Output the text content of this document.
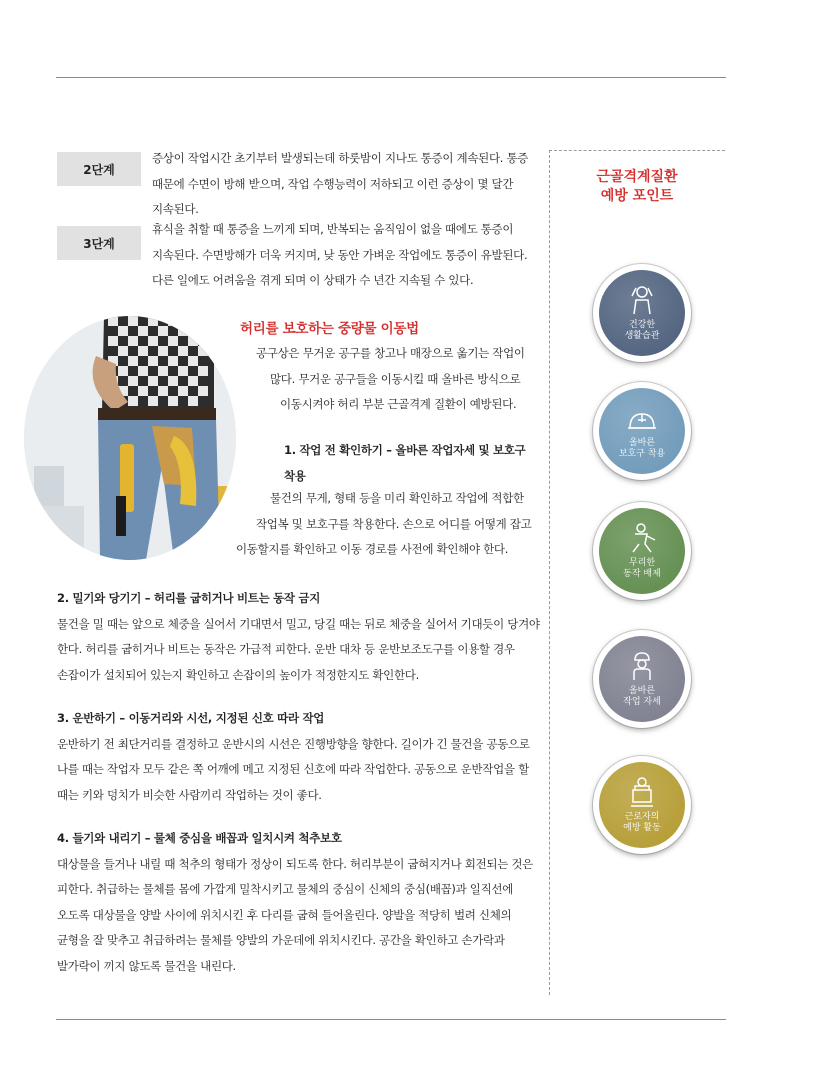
2단계
증상이 작업시간 초기부터 발생되는데 하룻밤이 지나도 통증이 계속된다. 통증
때문에 수면이 방해 받으며, 작업 수행능력이 저하되고 이런 증상이 몇 달간
지속된다.
3단계
휴식을 취할 때 통증을 느끼게 되며, 반복되는 움직임이 없을 때에도 통증이
지속된다. 수면방해가 더욱 커지며, 낮 동안 가벼운 작업에도 통증이 유발된다.
다른 일에도 어려움을 겪게 되며 이 상태가 수 년간 지속될 수 있다.
허리를 보호하는 중량물 이동법

공구상은 무거운 공구를 창고나 매장으로 옮기는 작업이

많다. 무거운 공구들을 이동시킬 때 올바른 방식으로

이동시켜야 허리 부분 근골격계 질환이 예방된다.

1. 작업 전 확인하기 – 올바른 작업자세 및 보호구

착용

물건의 무게, 형태 등을 미리 확인하고 작업에 적합한

작업복 및 보호구를 착용한다. 손으로 어디를 어떻게 잡고

이동할지를 확인하고 이동 경로를 사전에 확인해야 한다.

2. 밀기와 당기기 – 허리를 굽히거나 비트는 동작 금지

물건을 밀 때는 앞으로 체중을 실어서 기대면서 밀고, 당길 때는 뒤로 체중을 실어서 기대듯이 당겨야

한다. 허리를 굽히거나 비트는 동작은 가급적 피한다. 운반 대차 등 운반보조도구를 이용할 경우

손잡이가 설치되어 있는지 확인하고 손잡이의 높이가 적정한지도 확인한다.

3. 운반하기 – 이동거리와 시선, 지정된 신호 따라 작업

운반하기 전 최단거리를 결정하고 운반시의 시선은 진행방향을 향한다. 길이가 긴 물건을 공동으로

나를 때는 작업자 모두 같은 쪽 어깨에 메고 지정된 신호에 따라 작업한다. 공동으로 운반작업을 할

때는 키와 덩치가 비슷한 사람끼리 작업하는 것이 좋다.

4. 들기와 내리기 – 물체 중심을 배꼽과 일치시켜 척추보호

대상물을 들거나 내릴 때 척추의 형태가 정상이 되도록 한다. 허리부분이 굽혀지거나 회전되는 것은

피한다. 취급하는 물체를 몸에 가깝게 밀착시키고 물체의 중심이 신체의 중심(배꼽)과 일직선에

오도록 대상물을 양발 사이에 위치시킨 후 다리를 굽혀 들어올린다. 양발을 적당히 벌려 신체의

균형을 잘 맞추고 취급하려는 물체를 양발의 가운데에 위치시킨다. 공간을 확인하고 손가락과

발가락이 끼지 않도록 물건을 내린다.

근골격계질환
예방 포인트
건강한
생활습관
올바른
보호구 착용
무리한
동작 배제
올바른
작업 자세
근로자의
예방 활동
